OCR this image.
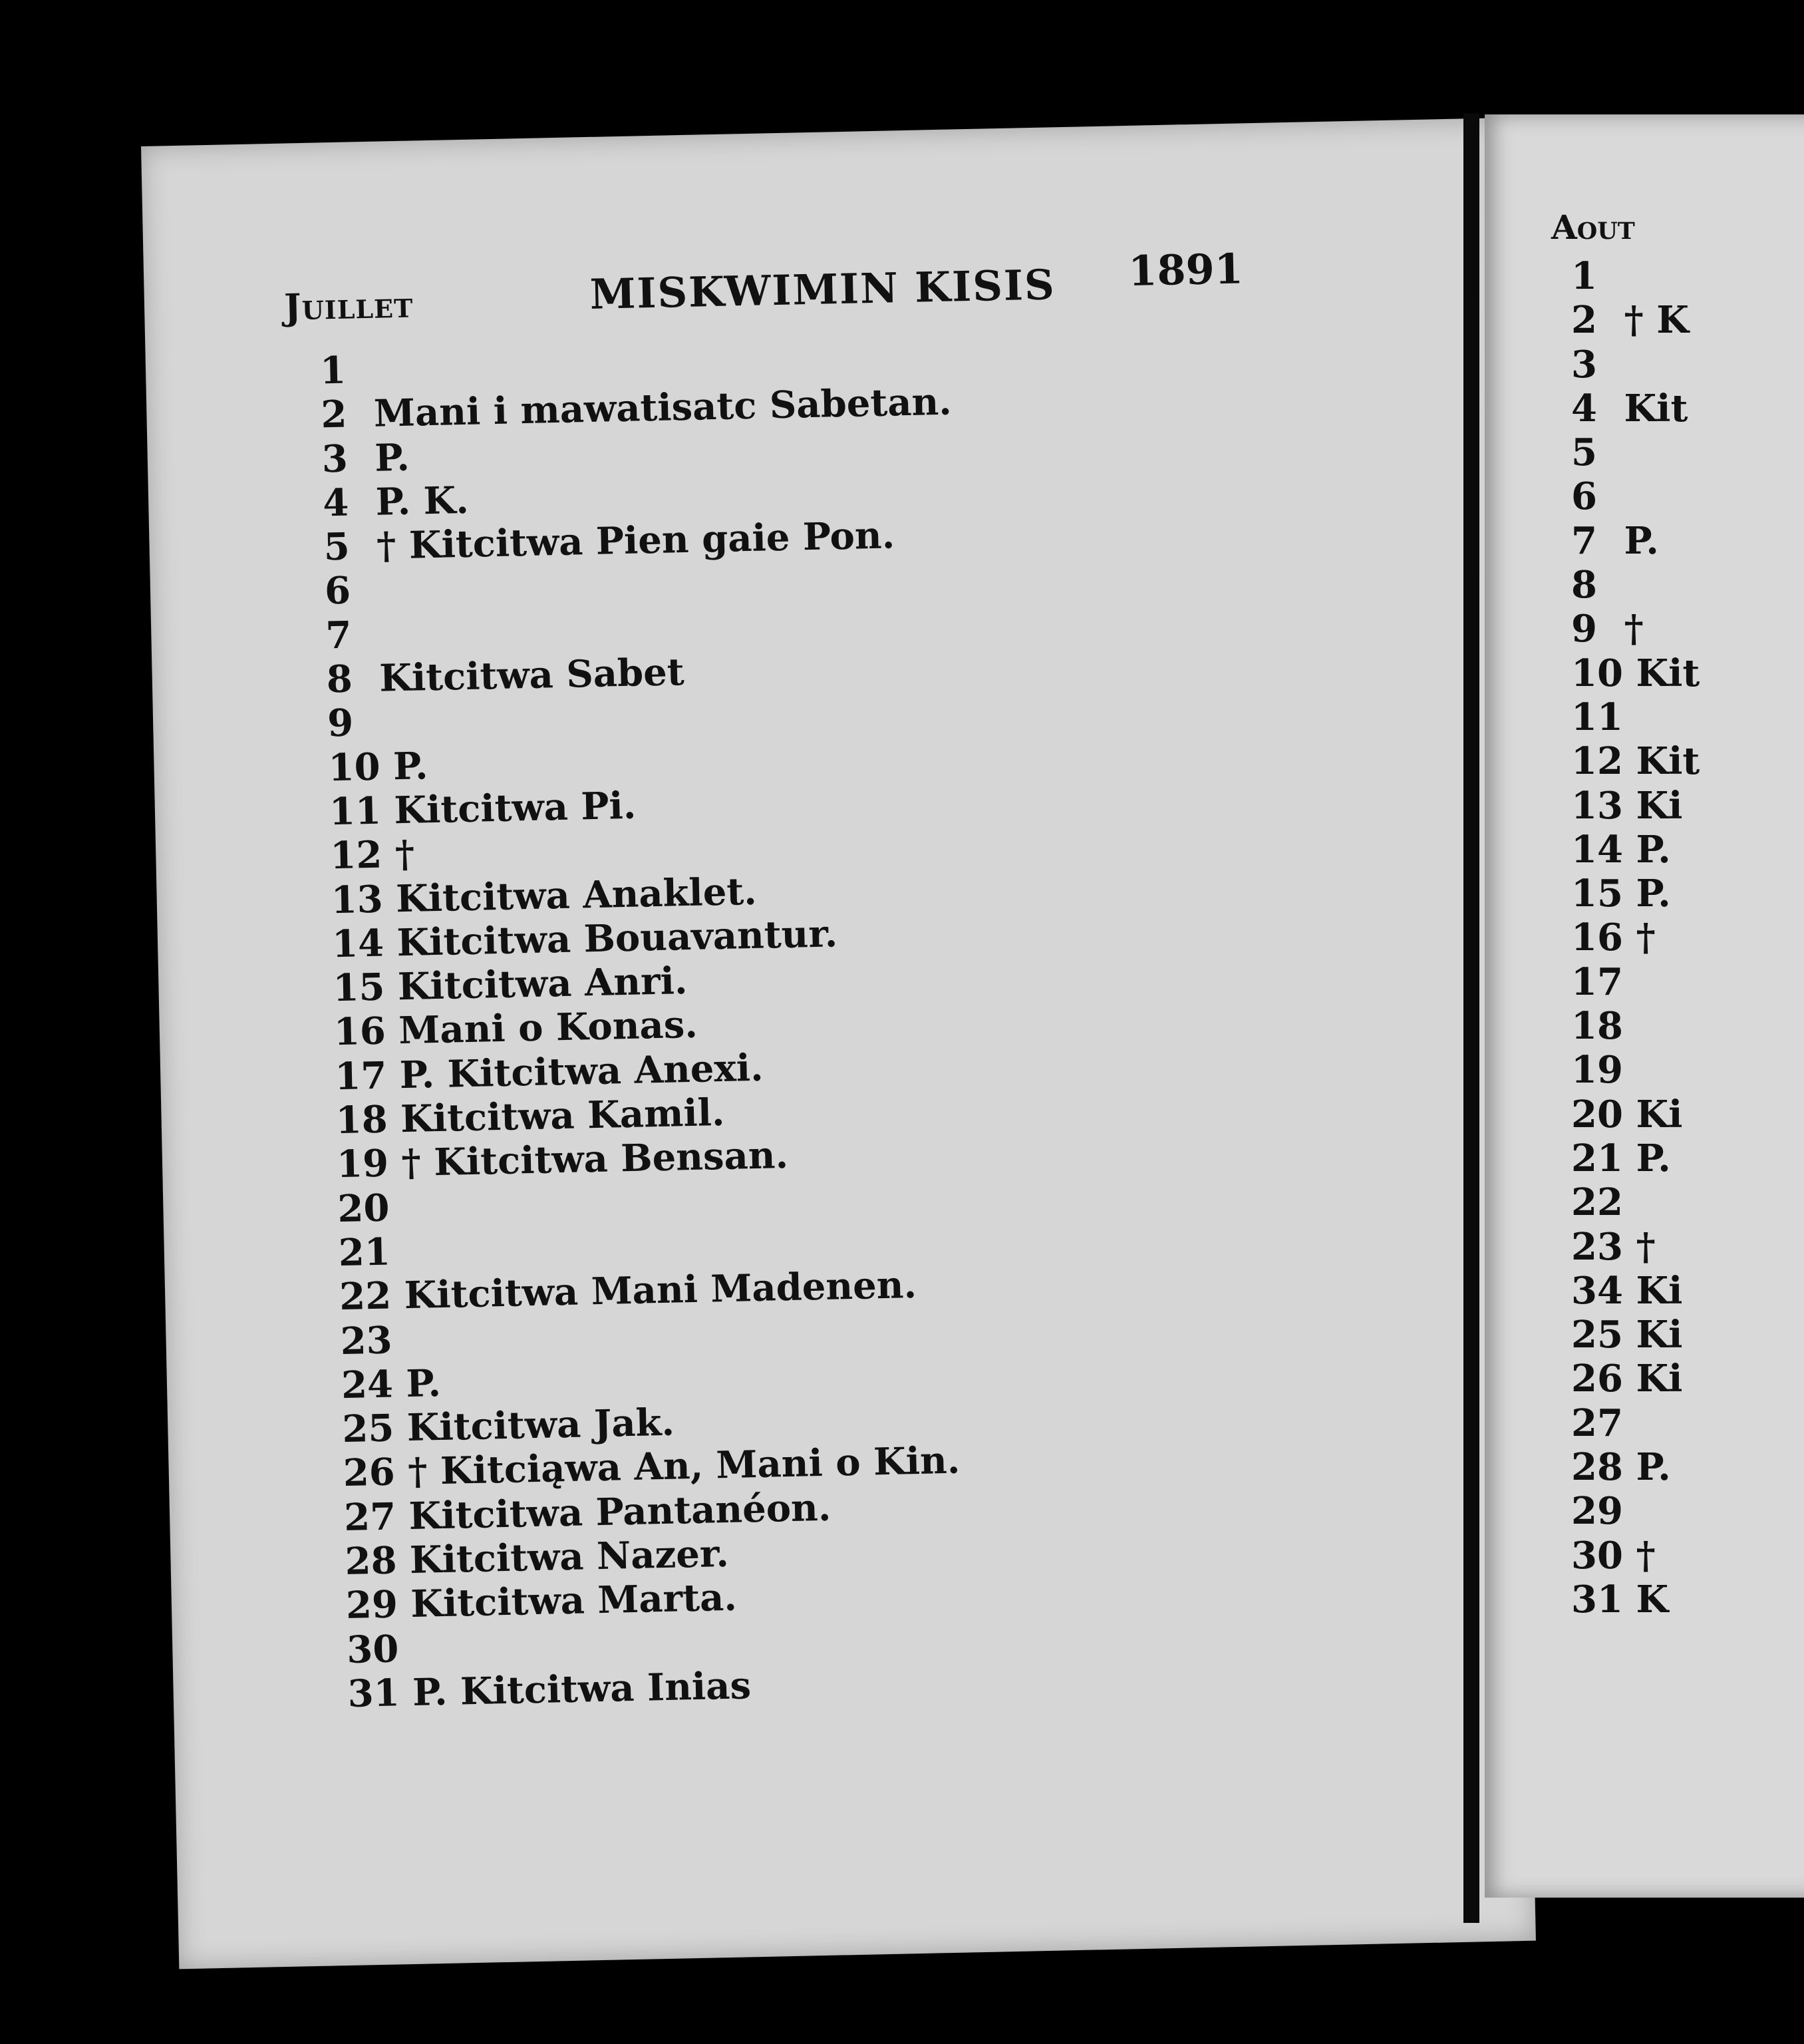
Juillet	MISKWIMIN KISIS 1891
1
2 Mani i mawatisatc Sabetan.
3 P.
4 P. K.
5 † Kitcitwa Pien gaie Pon.
6
7
8 Kitcitwa Sabet
9
10 P.
11 Kitcitwa Pi.
12 †
13 Kitcitwa Anaklet.
14 Kitcitwa Bouavantur.
15 Kitcitwa Anri.
16 Mani o Konas.
17 P. Kitcitwa Anexi.
18 Kitcitwa Kamil.
19 † Kitcitwa Bensan.
20
21
22 Kitcitwa Mani Madenen.
23
24 P.
25 Kitcitwa Jak.
26 † Kitciąwa An, Mani o Kin.
27 Kitcitwa Pantanéon.
28 Kitcitwa Nazer.
29 Kitcitwa Marta.
30
31 P. Kitcitwa Inias
Aout
1
2 † K
3
4 Kit
5
6
7 P.
8
9 †
10 Kit
11
12 Kit
13 Ki
14 P.
15 P.
16 †
17
18
19
20 Ki
21 P.
22
23 †
34 Ki
25 Ki
26 Ki
27
28 P.
29
30 †
31 K
